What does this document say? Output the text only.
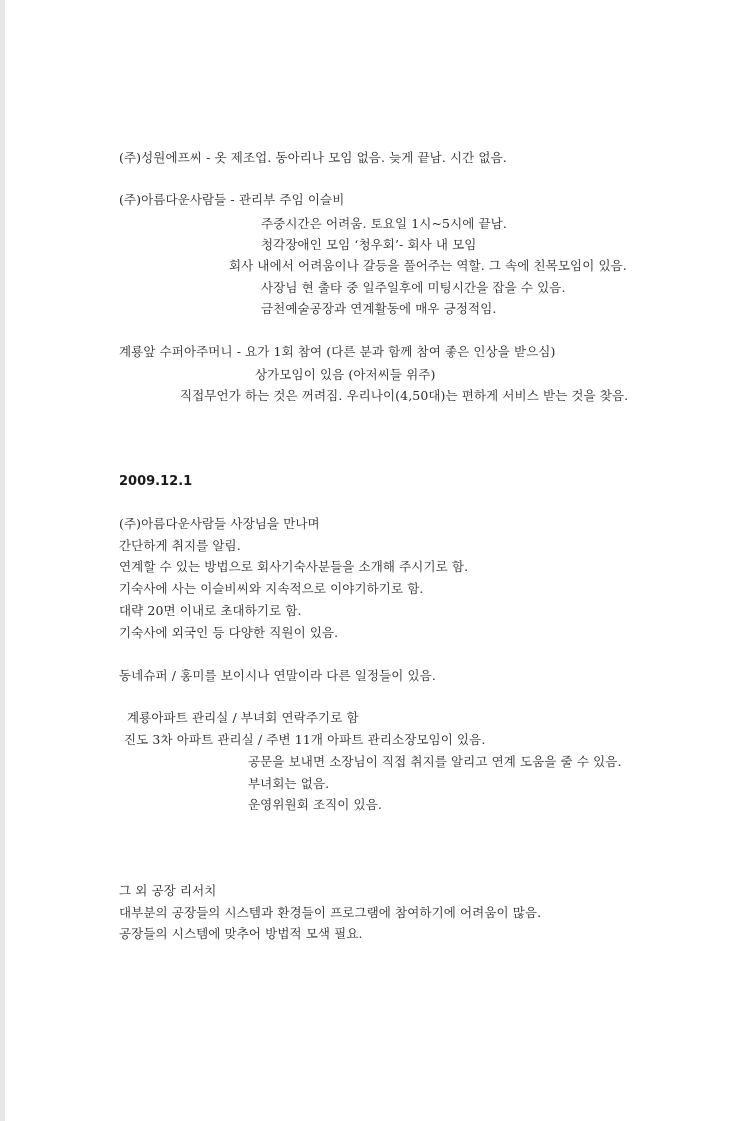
(주)성원에프씨 - 옷 제조업. 동아리나 모임 없음. 늦게 끝남. 시간 없음.
(주)아름다운사람들 - 관리부 주임 이슬비
주중시간은 어려움. 토요일 1시~5시에 끝남.
청각장애인 모임 ‘청우회’- 회사 내 모임
회사 내에서 어려움이나 갈등을 풀어주는 역할. 그 속에 친목모임이 있음.
사장님 현 출타 중 일주일후에 미팅시간을 잡을 수 있음.
금천예술공장과 연계활동에 매우 긍정적임.
계룡앞 수퍼아주머니 - 요가 1회 참여 (다른 분과 함께 참여 좋은 인상을 받으심)
상가모임이 있음 (아저씨들 위주)
직접무언가 하는 것은 꺼려짐. 우리나이(4,50대)는 편하게 서비스 받는 것을 찾음.
2009.12.1
(주)아름다운사람들 사장님을 만나며
간단하게 취지를 알림.
연계할 수 있는 방법으로 회사기숙사분들을 소개해 주시기로 함.
기숙사에 사는 이슬비씨와 지속적으로 이야기하기로 함.
대략 20면 이내로 초대하기로 함.
기숙사에 외국인 등 다양한 직원이 있음.
동네슈퍼 / 홍미를 보이시나 연말이라 다른 일정들이 있음.
계룡아파트 관리실 / 부녀회 연락주기로 함
진도 3차 아파트 관리실 / 주변 11개 아파트 관리소장모임이 있음.
공문을 보내면 소장님이 직접 취지를 알리고 연계 도움을 줄 수 있음.
부녀회는 없음.
운영위원회 조직이 있음.
그 외 공장 리서치
대부분의 공장들의 시스템과 환경들이 프로그램에 참여하기에 어려움이 많음.
공장들의 시스템에 맞추어 방법적 모색 필요.
